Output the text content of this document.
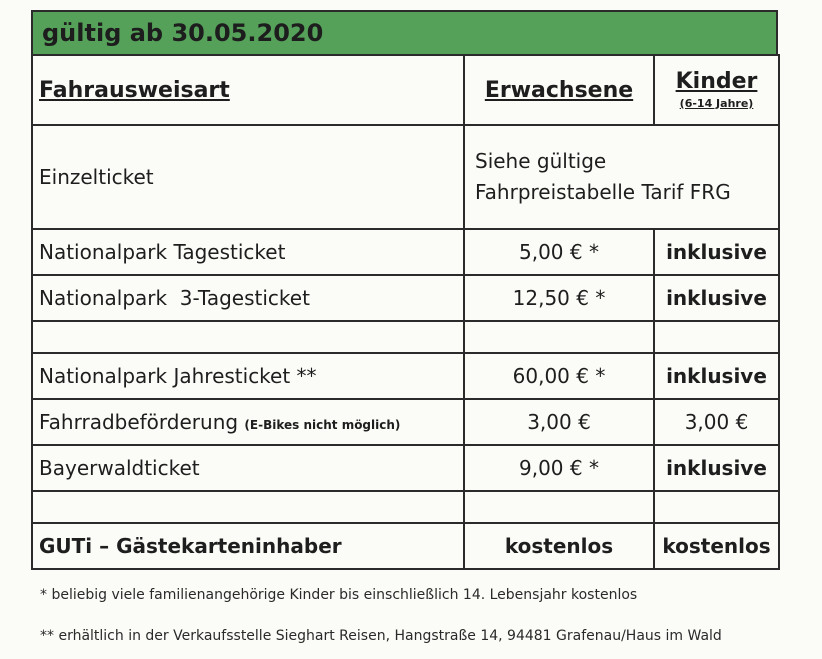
gültig ab 30.05.2020
Fahrausweisart	Erwachsene	Kinder
(6-14 Jahre)

Einzelticket	Siehe gültige
Fahrpreistabelle Tarif FRG	
Nationalpark Tagesticket	5,00 € *	inklusive
Nationalpark  3-Tagesticket	12,50 € *	inklusive

Nationalpark Jahresticket **	60,00 € *	inklusive
Fahrradbeförderung (E-Bikes nicht möglich)	3,00 €	3,00 €
Bayerwaldticket	9,00 € *	inklusive

GUTi – Gästekarteninhaber	kostenlos	kostenlos
* beliebig viele familienangehörige Kinder bis einschließlich 14. Lebensjahr kostenlos
** erhältlich in der Verkaufsstelle Sieghart Reisen, Hangstraße 14, 94481 Grafenau/Haus im Wald
